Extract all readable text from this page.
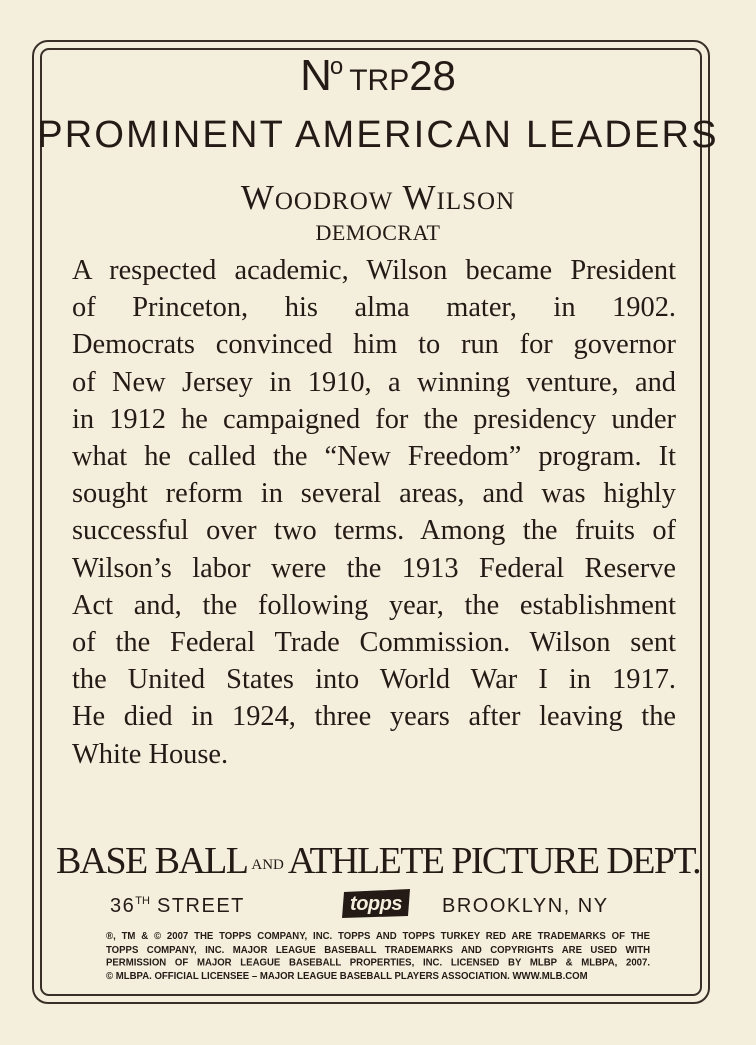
No TRP28
PROMINENT AMERICAN LEADERS
Woodrow Wilson
DEMOCRAT
A respected academic, Wilson became President
of Princeton, his alma mater, in 1902.
Democrats convinced him to run for governor
of New Jersey in 1910, a winning venture, and
in 1912 he campaigned for the presidency under
what he called the “New Freedom” program. It
sought reform in several areas, and was highly
successful over two terms. Among the fruits of
Wilson’s labor were the 1913 Federal Reserve
Act and, the following year, the establishment
of the Federal Trade Commission. Wilson sent
the United States into World War I in 1917.
He died in 1924, three years after leaving the
White House.
BASE BALL AND ATHLETE PICTURE DEPT.
36TH STREET	topps BROOKLYN, NY
®, TM & © 2007 THE TOPPS COMPANY, INC. TOPPS AND TOPPS TURKEY RED ARE TRADEMARKS OF THE
TOPPS COMPANY, INC. MAJOR LEAGUE BASEBALL TRADEMARKS AND COPYRIGHTS ARE USED WITH
PERMISSION OF MAJOR LEAGUE BASEBALL PROPERTIES, INC. LICENSED BY MLBP & MLBPA, 2007.
© MLBPA. OFFICIAL LICENSEE – MAJOR LEAGUE BASEBALL PLAYERS ASSOCIATION. WWW.MLB.COM
